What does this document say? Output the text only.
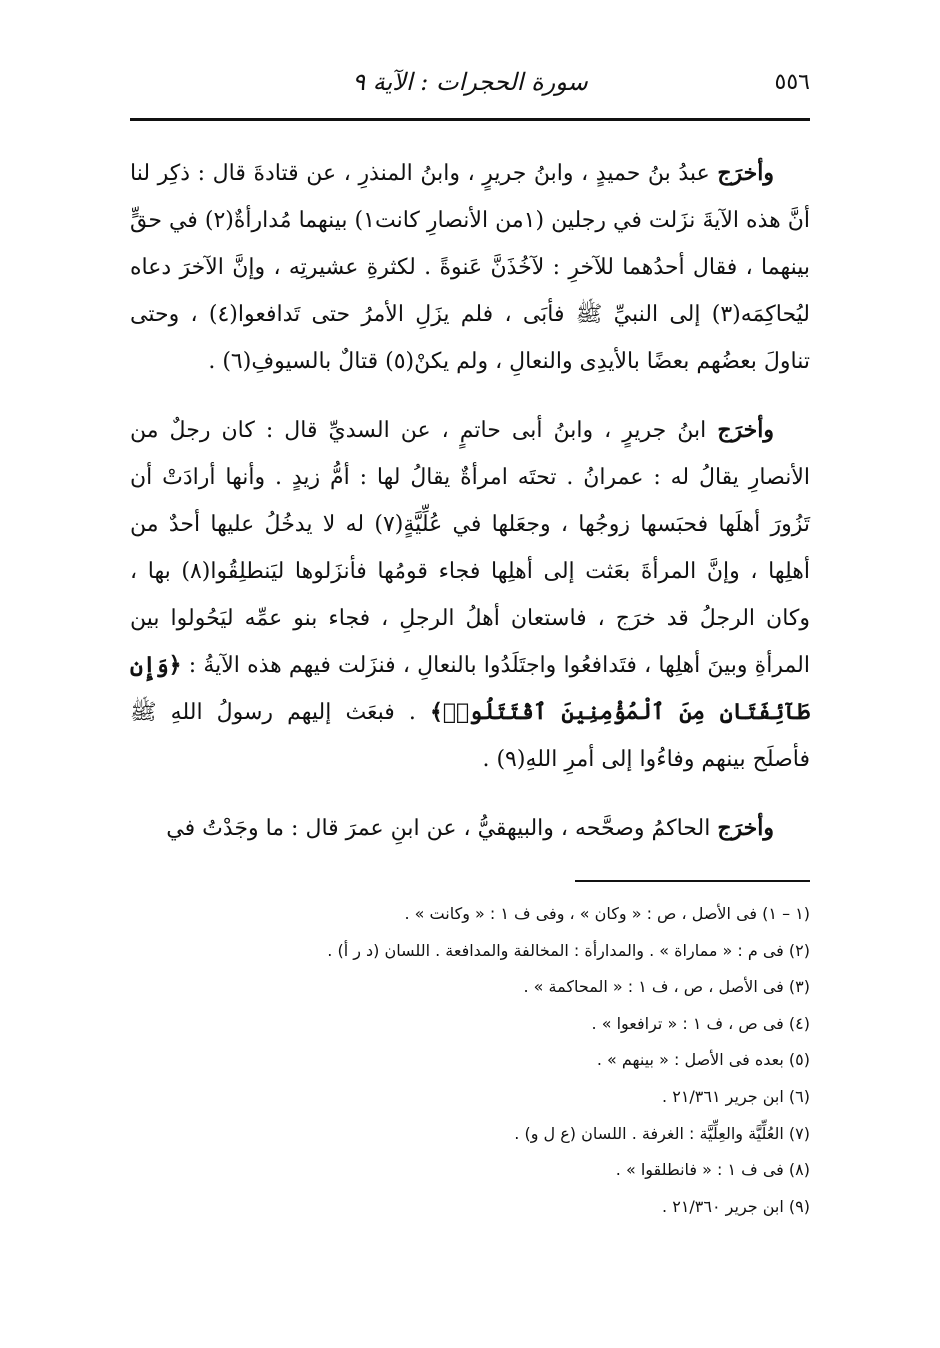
٥٥٦
سورة الحجرات : الآية ٩

وأخرَج عبدُ بنُ حميدٍ ، وابنُ جريرٍ ، وابنُ المنذرِ ، عن قتادةَ قال : ذكِر لنا أنَّ هذه الآيةَ نزَلت في رجلين (١من الأنصارِ كانت١) بينهما مُدارأةٌ(٢) في حقٍّ بينهما ، فقال أحدُهما للآخرِ : لآخُذَنَّ عَنوةً . لكثرةِ عشيرتِه ، وإنَّ الآخرَ دعاه ليُحاكِمَه(٣) إلى النبيِّ ﷺ فأبَى ، فلم يزَلِ الأمرُ حتى تَدافعوا(٤) ، وحتى تناولَ بعضُهم بعضًا بالأيدِى والنعالِ ، ولم يكنْ(٥) قتالٌ بالسيوفِ(٦) .

وأخرَج ابنُ جريرٍ ، وابنُ أبى حاتمٍ ، عن السديِّ قال : كان رجلٌ من الأنصارِ يقالُ له : عمرانُ . تحتَه امرأةٌ يقالُ لها : أمُّ زيدٍ . وأنها أرادَتْ أن تَزُورَ أهلَها فحبَسها زوجُها ، وجعَلها في عُلِّيَّةٍ(٧) له لا يدخُلُ عليها أحدٌ من أهلِها ، وإنَّ المرأةَ بعَثت إلى أهلِها فجاء قومُها فأنزَلوها ليَنطلِقُوا(٨) بها ، وكان الرجلُ قد خرَج ، فاستعان أهلُ الرجلِ ، فجاء بنو عمِّه ليَحُولوا بين المرأةِ وبينَ أهلِها ، فتَدافعُوا واجتَلَدُوا بالنعالِ ، فنزَلت فيهم هذه الآيةُ : ﴿وَإِن طَآئِفَتَانِ مِنَ ٱلْمُؤْمِنِينَ ٱقْتَتَلُوا۟﴾ . فبعَث إليهم رسولُ اللهِ ﷺ فأصلَح بينهم وفاءُوا إلى أمرِ اللهِ(٩) .

وأخرَج الحاكمُ وصحَّحه ، والبيهقيُّ ، عن ابنِ عمرَ قال : ما وجَدْتُ في

(١ – ١) فى الأصل ، ص : « وكان » ، وفى ف ١ : « وكانت » .
(٢) فى م : « مماراة » . والمدارأة : المخالفة والمدافعة . اللسان (د ر أ) .
(٣) فى الأصل ، ص ، ف ١ : « المحاكمة » .
(٤) فى ص ، ف ١ : « ترافعوا » .
(٥) بعده فى الأصل : « بينهم » .
(٦) ابن جرير ٢١/٣٦١ .
(٧) العُلِّيَّة والعِلِّيَّة : الغرفة . اللسان (ع ل و) .
(٨) فى ف ١ : « فانطلقوا » .
(٩) ابن جرير ٢١/٣٦٠ .
